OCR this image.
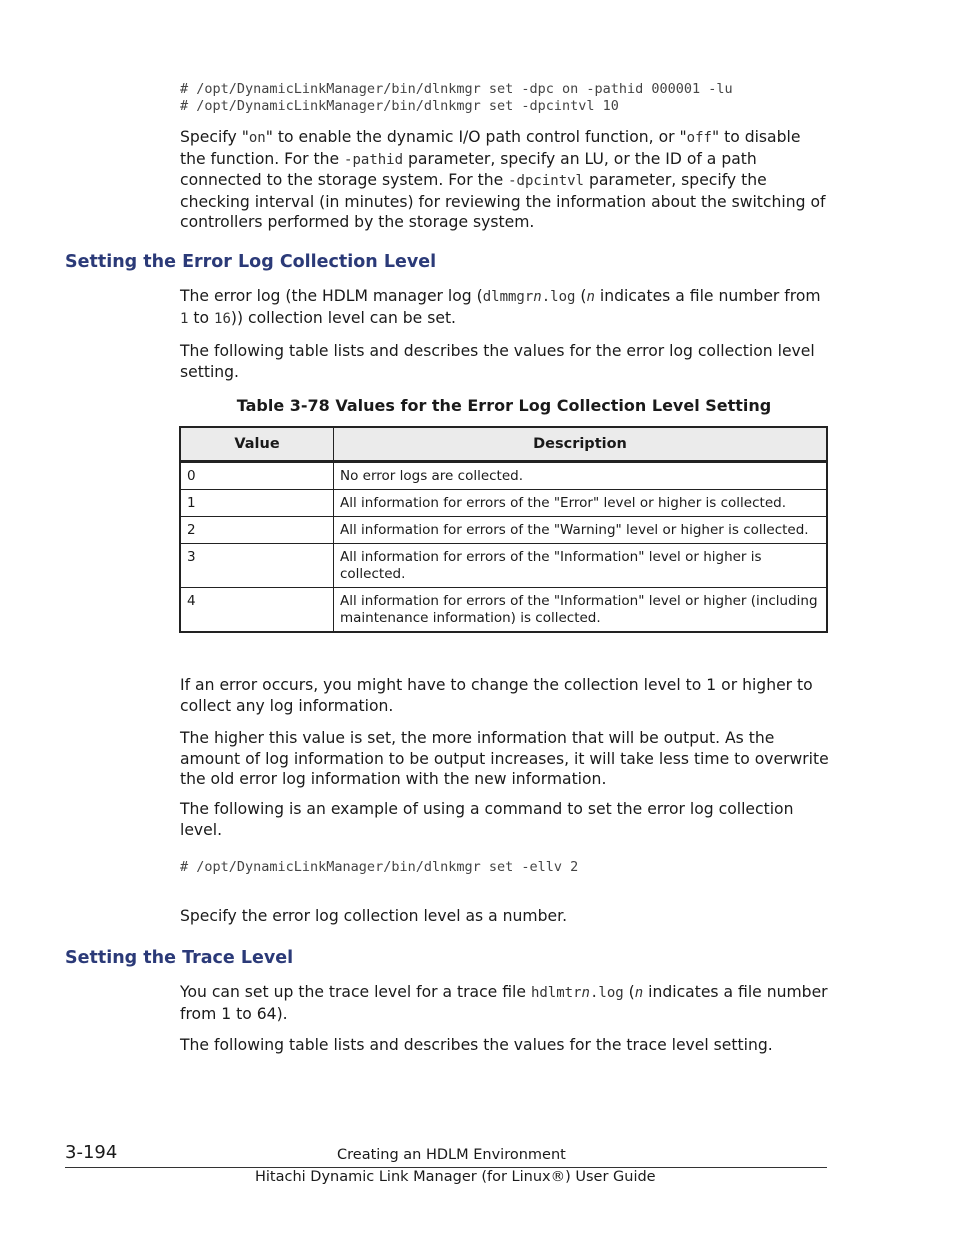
# /opt/DynamicLinkManager/bin/dlnkmgr set -dpc on -pathid 000001 -lu
# /opt/DynamicLinkManager/bin/dlnkmgr set -dpcintvl 10
Specify "on" to enable the dynamic I/O path control function, or "off" to disable the function. For the -pathid parameter, specify an LU, or the ID of a path connected to the storage system. For the -dpcintvl parameter, specify the checking interval (in minutes) for reviewing the information about the switching of controllers performed by the storage system.
Setting the Error Log Collection Level
The error log (the HDLM manager log (dlmmgrn.log (n indicates a file number from 1 to 16)) collection level can be set.
The following table lists and describes the values for the error log collection level setting.
Table 3-78 Values for the Error Log Collection Level Setting
Value	Description
0	No error logs are collected.
1	All information for errors of the "Error" level or higher is collected.
2	All information for errors of the "Warning" level or higher is collected.
3	All information for errors of the "Information" level or higher is collected.
4	All information for errors of the "Information" level or higher (including maintenance information) is collected.
If an error occurs, you might have to change the collection level to 1 or higher to collect any log information.
The higher this value is set, the more information that will be output. As the amount of log information to be output increases, it will take less time to overwrite the old error log information with the new information.
The following is an example of using a command to set the error log collection level.
# /opt/DynamicLinkManager/bin/dlnkmgr set -ellv 2
Specify the error log collection level as a number.
Setting the Trace Level
You can set up the trace level for a trace file hdlmtrn.log (n indicates a file number from 1 to 64).
The following table lists and describes the values for the trace level setting.
3-194	Creating an HDLM Environment
Hitachi Dynamic Link Manager (for Linux®) User Guide
